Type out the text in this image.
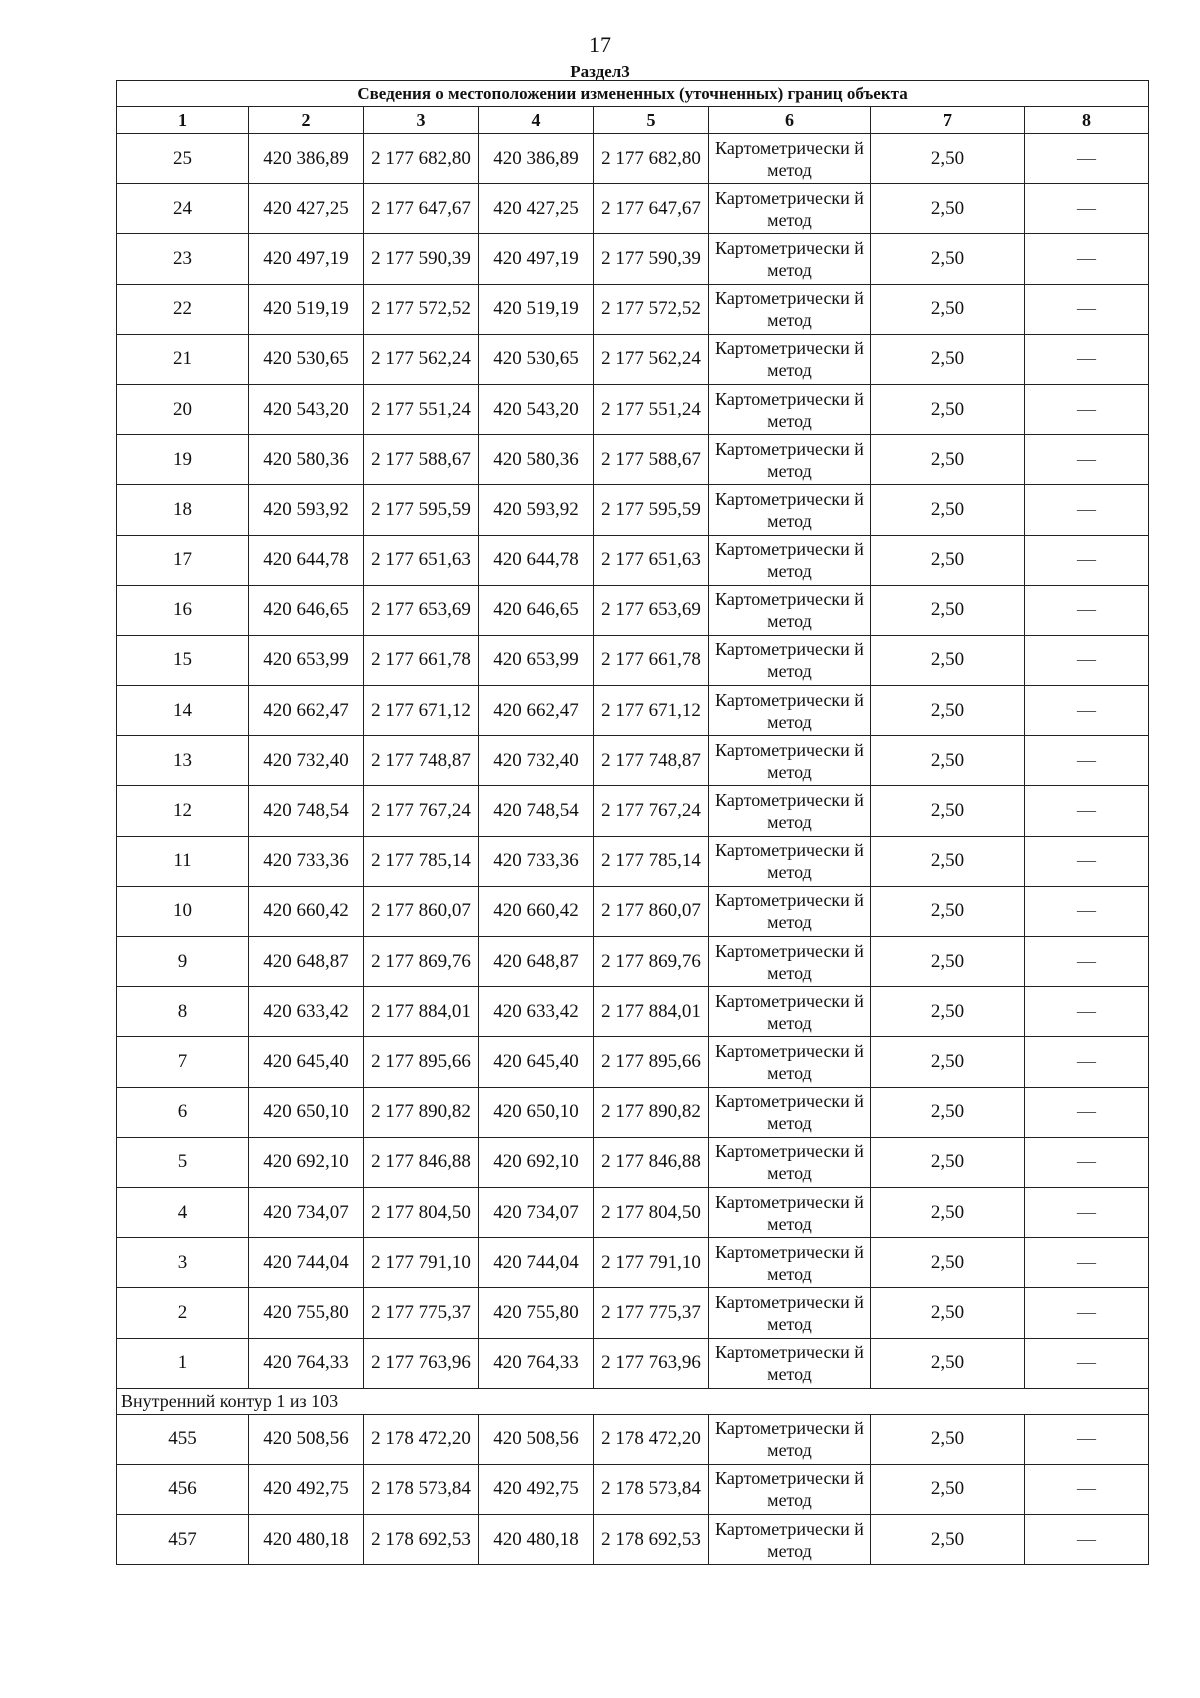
17
Раздел3
Сведения о местоположении измененных (уточненных) границ объекта							
1	2	3	4	5	6	7	8
25	420 386,89	2 177 682,80	420 386,89	2 177 682,80	Картометрически й метод	2,50	—
24	420 427,25	2 177 647,67	420 427,25	2 177 647,67	Картометрически й метод	2,50	—
23	420 497,19	2 177 590,39	420 497,19	2 177 590,39	Картометрически й метод	2,50	—
22	420 519,19	2 177 572,52	420 519,19	2 177 572,52	Картометрически й метод	2,50	—
21	420 530,65	2 177 562,24	420 530,65	2 177 562,24	Картометрически й метод	2,50	—
20	420 543,20	2 177 551,24	420 543,20	2 177 551,24	Картометрически й метод	2,50	—
19	420 580,36	2 177 588,67	420 580,36	2 177 588,67	Картометрически й метод	2,50	—
18	420 593,92	2 177 595,59	420 593,92	2 177 595,59	Картометрически й метод	2,50	—
17	420 644,78	2 177 651,63	420 644,78	2 177 651,63	Картометрически й метод	2,50	—
16	420 646,65	2 177 653,69	420 646,65	2 177 653,69	Картометрически й метод	2,50	—
15	420 653,99	2 177 661,78	420 653,99	2 177 661,78	Картометрически й метод	2,50	—
14	420 662,47	2 177 671,12	420 662,47	2 177 671,12	Картометрически й метод	2,50	—
13	420 732,40	2 177 748,87	420 732,40	2 177 748,87	Картометрически й метод	2,50	—
12	420 748,54	2 177 767,24	420 748,54	2 177 767,24	Картометрически й метод	2,50	—
11	420 733,36	2 177 785,14	420 733,36	2 177 785,14	Картометрически й метод	2,50	—
10	420 660,42	2 177 860,07	420 660,42	2 177 860,07	Картометрически й метод	2,50	—
9	420 648,87	2 177 869,76	420 648,87	2 177 869,76	Картометрически й метод	2,50	—
8	420 633,42	2 177 884,01	420 633,42	2 177 884,01	Картометрически й метод	2,50	—
7	420 645,40	2 177 895,66	420 645,40	2 177 895,66	Картометрически й метод	2,50	—
6	420 650,10	2 177 890,82	420 650,10	2 177 890,82	Картометрически й метод	2,50	—
5	420 692,10	2 177 846,88	420 692,10	2 177 846,88	Картометрически й метод	2,50	—
4	420 734,07	2 177 804,50	420 734,07	2 177 804,50	Картометрически й метод	2,50	—
3	420 744,04	2 177 791,10	420 744,04	2 177 791,10	Картометрически й метод	2,50	—
2	420 755,80	2 177 775,37	420 755,80	2 177 775,37	Картометрически й метод	2,50	—
1	420 764,33	2 177 763,96	420 764,33	2 177 763,96	Картометрически й метод	2,50	—
Внутренний контур 1 из 103							
455	420 508,56	2 178 472,20	420 508,56	2 178 472,20	Картометрически й метод	2,50	—
456	420 492,75	2 178 573,84	420 492,75	2 178 573,84	Картометрически й метод	2,50	—
457	420 480,18	2 178 692,53	420 480,18	2 178 692,53	Картометрически й метод	2,50	—
